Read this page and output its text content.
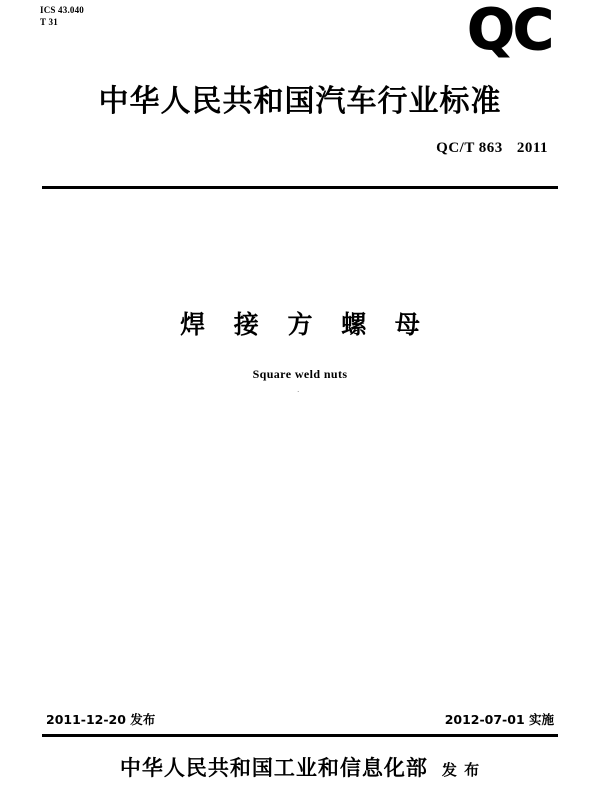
ICS 43.040
T 31	QC
中华人民共和国汽车行业标准
QC/T 863 2011
焊 接 方 螺 母
Square weld nuts
·
2011-12-20 发布	2012-07-01 实施
中华人民共和国工业和信息化部 发 布
